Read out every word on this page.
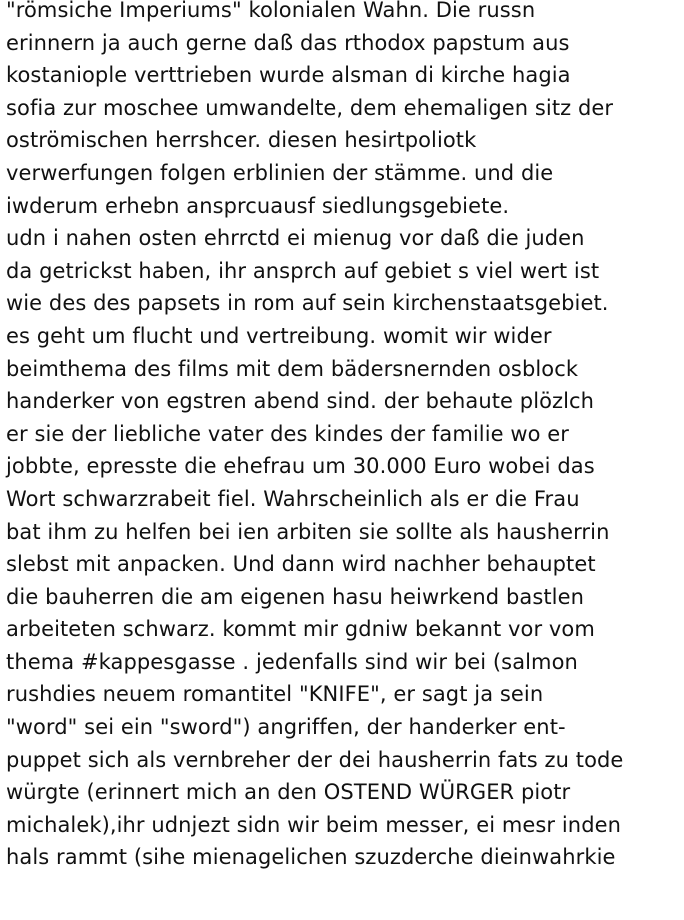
"römsiche Imperiums" kolonialen Wahn. Die russn
erinnern ja auch gerne daß das rthodox papstum aus
kostaniople verttrieben wurde alsman di kirche hagia
sofia zur moschee umwandelte, dem ehemaligen sitz der
oströmischen herrshcer. diesen hesirtpoliotk
verwerfungen folgen erblinien der stämme. und die
iwderum erhebn ansprcuausf siedlungsgebiete.
udn i nahen osten ehrrctd ei mienug vor daß die juden
da getrickst haben, ihr ansprch auf gebiet s viel wert ist
wie des des papsets in rom auf sein kirchenstaatsgebiet.
es geht um flucht und vertreibung. womit wir wider
beimthema des films mit dem bädersnernden osblock
handerker von egstren abend sind. der behaute plözlch
er sie der liebliche vater des kindes der familie wo er
jobbte, epresste die ehefrau um 30.000 Euro wobei das
Wort schwarzrabeit fiel. Wahrscheinlich als er die Frau
bat ihm zu helfen bei ien arbiten sie sollte als hausherrin
slebst mit anpacken. Und dann wird nachher behauptet
die bauherren die am eigenen hasu heiwrkend bastlen
arbeiteten schwarz. kommt mir gdniw bekannt vor vom
thema #kappesgasse . jedenfalls sind wir bei (salmon
rushdies neuem romantitel "KNIFE", er sagt ja sein
"word" sei ein "sword") angriffen, der handerker ent-
puppet sich als vernbreher der dei hausherrin fats zu tode
würgte (erinnert mich an den OSTEND WÜRGER piotr
michalek),ihr udnjezt sidn wir beim messer, ei mesr inden
hals rammt (sihe mienagelichen szuzderche dieinwahrkie
